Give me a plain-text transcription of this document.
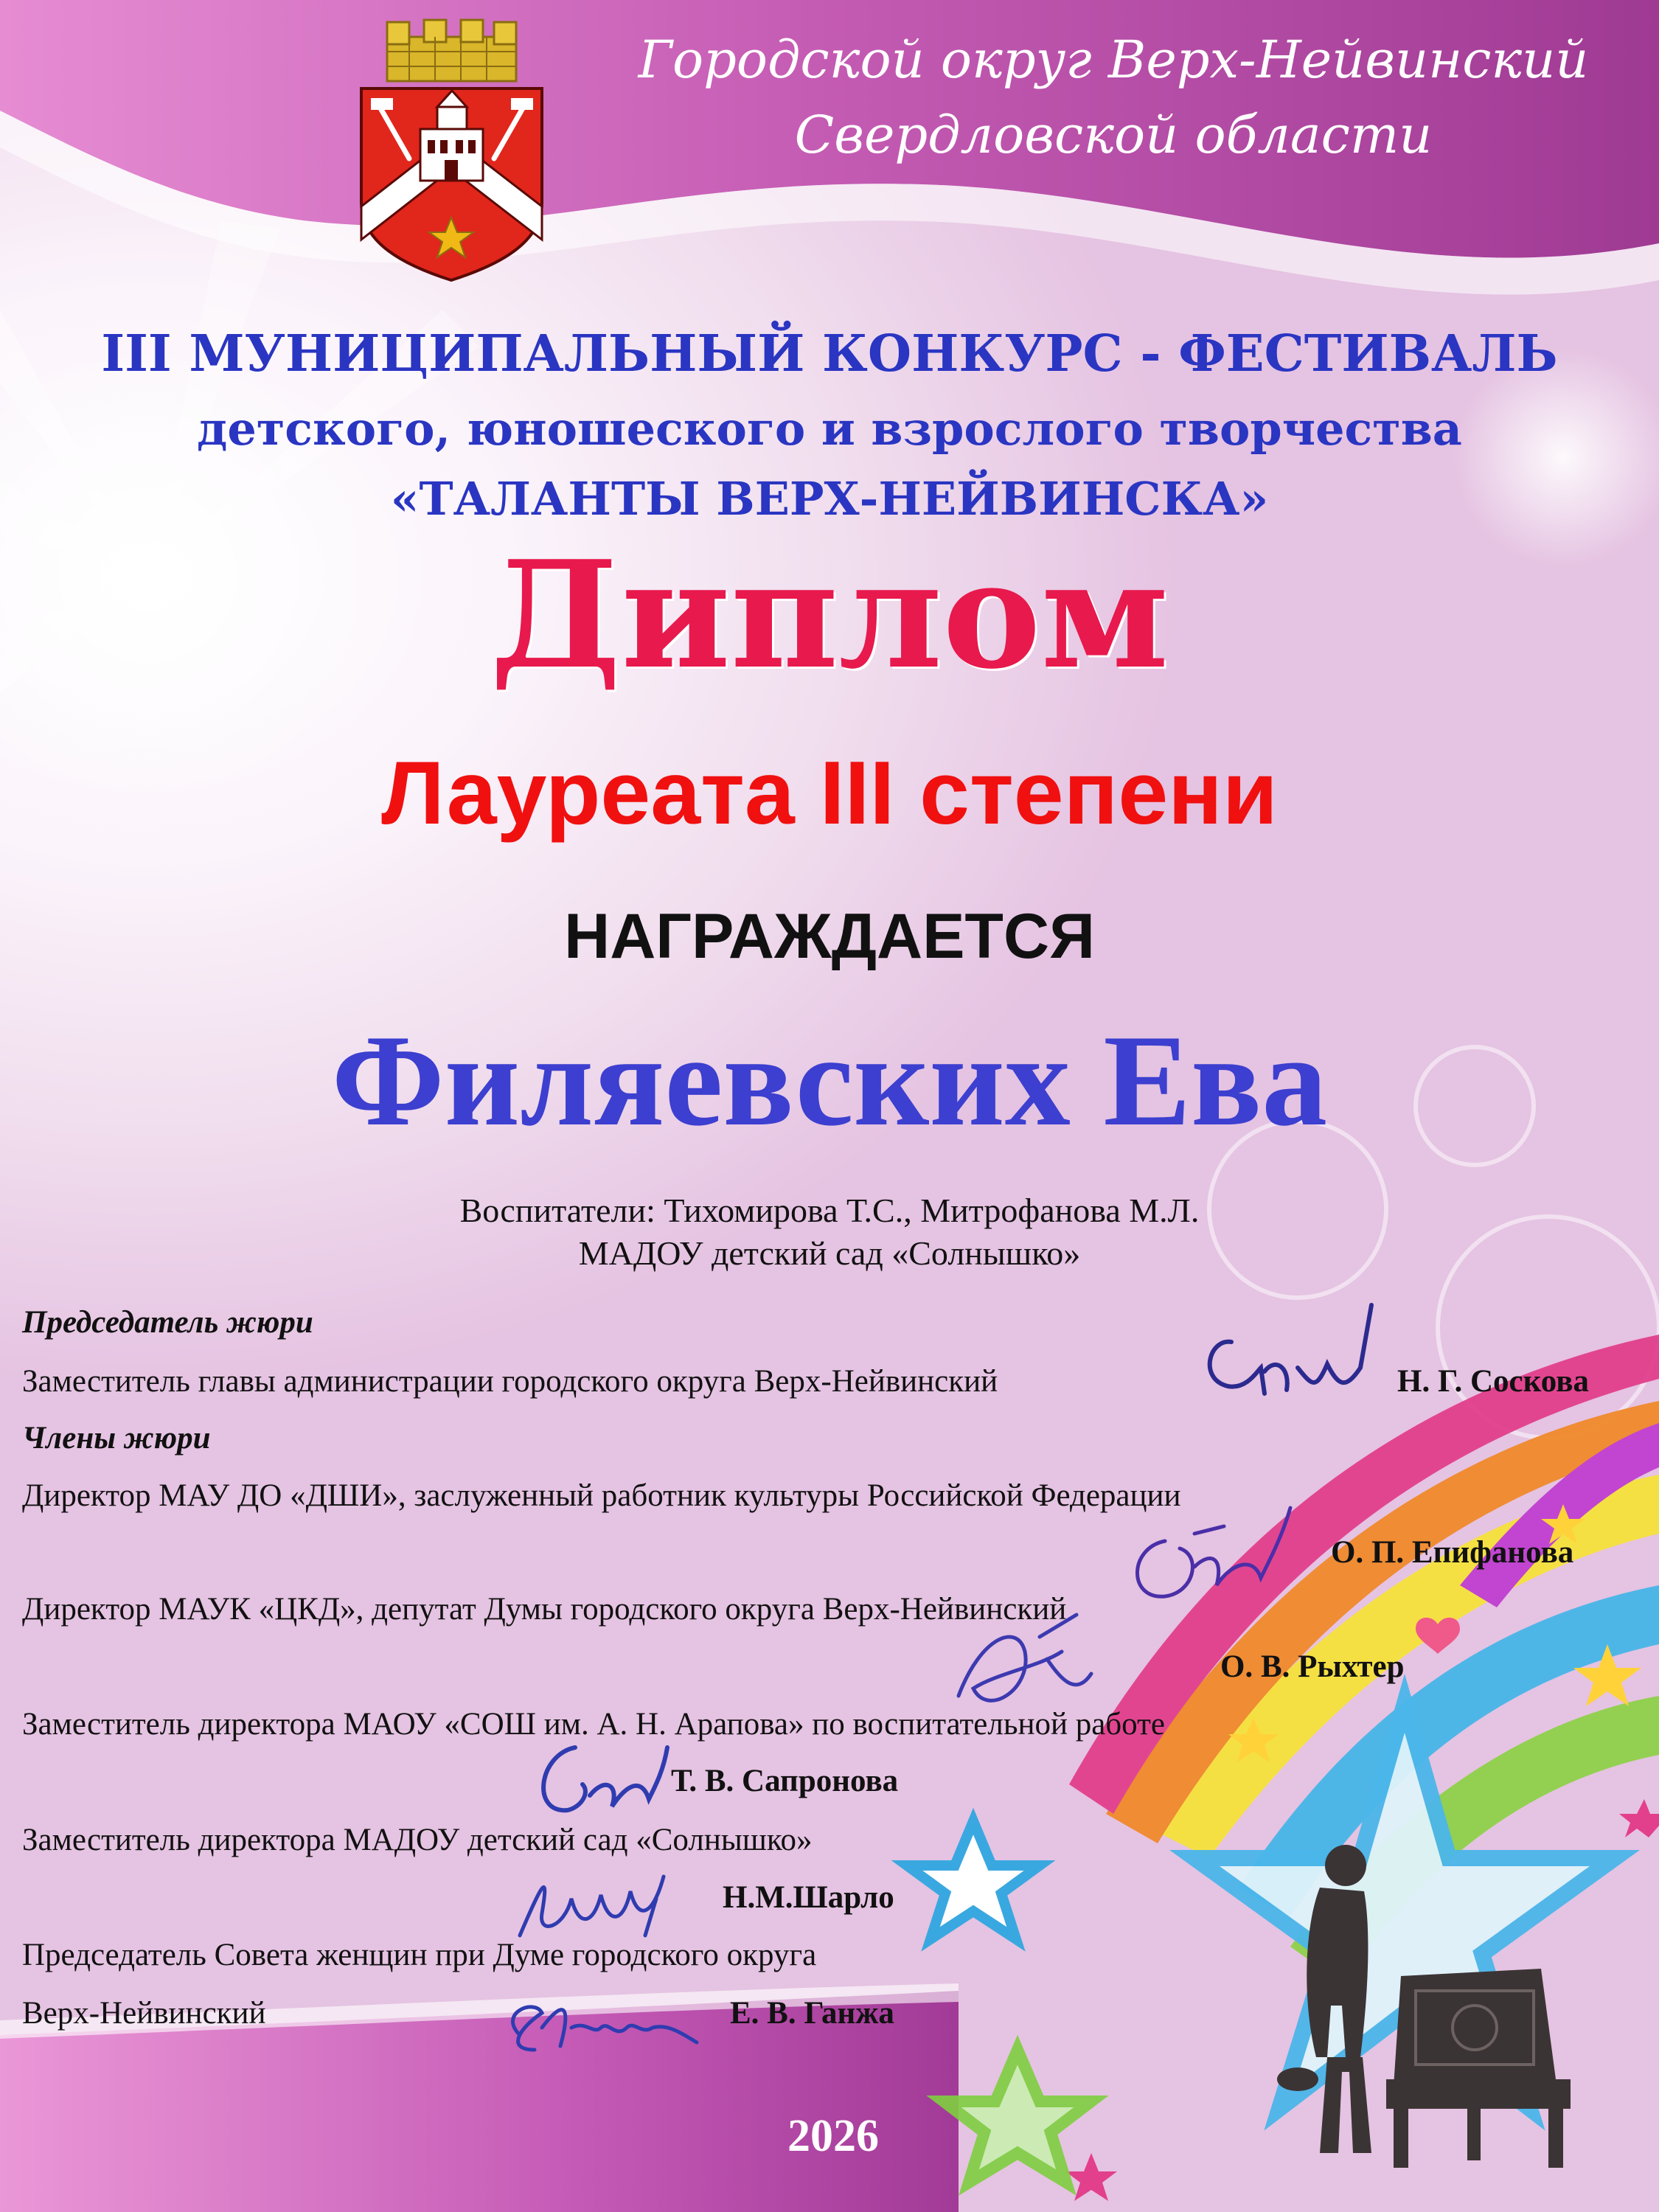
Городской округ Верх-Нейвинский
Свердловской области
III МУНИЦИПАЛЬНЫЙ КОНКУРС - ФЕСТИВАЛЬ
детского, юношеского и взрослого творчества
«ТАЛАНТЫ ВЕРХ-НЕЙВИНСКА»
Диплом
Лауреата III степени
НАГРАЖДАЕТСЯ
Филяевских Ева
Воспитатели: Тихомирова Т.С., Митрофанова М.Л.
МАДОУ детский сад «Солнышко»
Председатель жюри
Заместитель главы администрации городского округа Верх-Нейвинский	Н. Г. Соскова
Члены жюри
Директор МАУ ДО «ДШИ», заслуженный работник культуры Российской Федерации
О. П. Епифанова
Директор МАУК «ЦКД», депутат Думы городского округа Верх-Нейвинский
О. В. Рыхтер
Заместитель директора МАОУ «СОШ им. А. Н. Арапова» по воспитательной работе
Т. В. Сапронова
Заместитель директора МАДОУ детский сад «Солнышко»
Н.М.Шарло
Председатель Совета женщин при Думе городского округа
Верх-Нейвинский	Е. В. Ганжа
2026
